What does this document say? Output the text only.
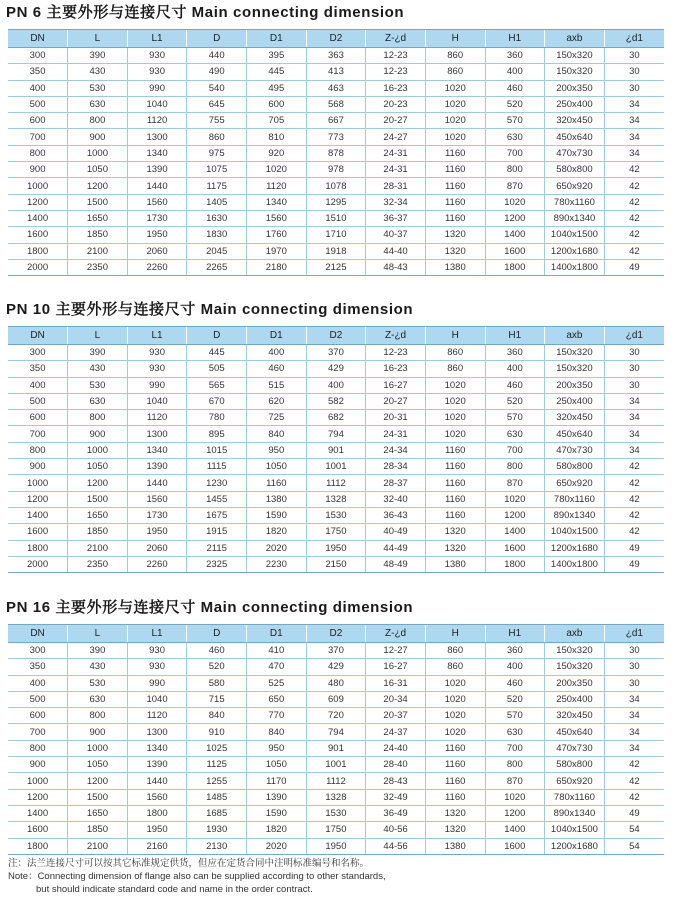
PN 6 主要外形与连接尺寸 Main connecting dimension
DN	L	L1	D	D1	D2	Z-¿d	H	H1	axb	¿d1
300	390	930	440	395	363	12-23	860	360	150x320	30
350	430	930	490	445	413	12-23	860	400	150x320	30
400	530	990	540	495	463	16-23	1020	460	200x350	30
500	630	1040	645	600	568	20-23	1020	520	250x400	34
600	800	1120	755	705	667	20-27	1020	570	320x450	34
700	900	1300	860	810	773	24-27	1020	630	450x640	34
800	1000	1340	975	920	878	24-31	1160	700	470x730	34
900	1050	1390	1075	1020	978	24-31	1160	800	580x800	42
1000	1200	1440	1175	1120	1078	28-31	1160	870	650x920	42
1200	1500	1560	1405	1340	1295	32-34	1160	1020	780x1160	42
1400	1650	1730	1630	1560	1510	36-37	1160	1200	890x1340	42
1600	1850	1950	1830	1760	1710	40-37	1320	1400	1040x1500	42
1800	2100	2060	2045	1970	1918	44-40	1320	1600	1200x1680	42
2000	2350	2260	2265	2180	2125	48-43	1380	1800	1400x1800	49
PN 10 主要外形与连接尺寸 Main connecting dimension
DN	L	L1	D	D1	D2	Z-¿d	H	H1	axb	¿d1
300	390	930	445	400	370	12-23	860	360	150x320	30
350	430	930	505	460	429	16-23	860	400	150x320	30
400	530	990	565	515	400	16-27	1020	460	200x350	30
500	630	1040	670	620	582	20-27	1020	520	250x400	34
600	800	1120	780	725	682	20-31	1020	570	320x450	34
700	900	1300	895	840	794	24-31	1020	630	450x640	34
800	1000	1340	1015	950	901	24-34	1160	700	470x730	34
900	1050	1390	1115	1050	1001	28-34	1160	800	580x800	42
1000	1200	1440	1230	1160	1112	28-37	1160	870	650x920	42
1200	1500	1560	1455	1380	1328	32-40	1160	1020	780x1160	42
1400	1650	1730	1675	1590	1530	36-43	1160	1200	890x1340	42
1600	1850	1950	1915	1820	1750	40-49	1320	1400	1040x1500	42
1800	2100	2060	2115	2020	1950	44-49	1320	1600	1200x1680	49
2000	2350	2260	2325	2230	2150	48-49	1380	1800	1400x1800	49
PN 16 主要外形与连接尺寸 Main connecting dimension
DN	L	L1	D	D1	D2	Z-¿d	H	H1	axb	¿d1
300	390	930	460	410	370	12-27	860	360	150x320	30
350	430	930	520	470	429	16-27	860	400	150x320	30
400	530	990	580	525	480	16-31	1020	460	200x350	30
500	630	1040	715	650	609	20-34	1020	520	250x400	34
600	800	1120	840	770	720	20-37	1020	570	320x450	34
700	900	1300	910	840	794	24-37	1020	630	450x640	34
800	1000	1340	1025	950	901	24-40	1160	700	470x730	34
900	1050	1390	1125	1050	1001	28-40	1160	800	580x800	42
1000	1200	1440	1255	1170	1112	28-43	1160	870	650x920	42
1200	1500	1560	1485	1390	1328	32-49	1160	1020	780x1160	42
1400	1650	1800	1685	1590	1530	36-49	1320	1200	890x1340	49
1600	1850	1950	1930	1820	1750	40-56	1320	1400	1040x1500	54
1800	2100	2160	2130	2020	1950	44-56	1380	1600	1200x1680	54
注：法兰连接尺寸可以按其它标准规定供货，但应在定货合同中注明标准编号和名称。
Note：Connecting dimension of flange also can be supplied according to other standards,
but should indicate standard code and name in the order contract.
